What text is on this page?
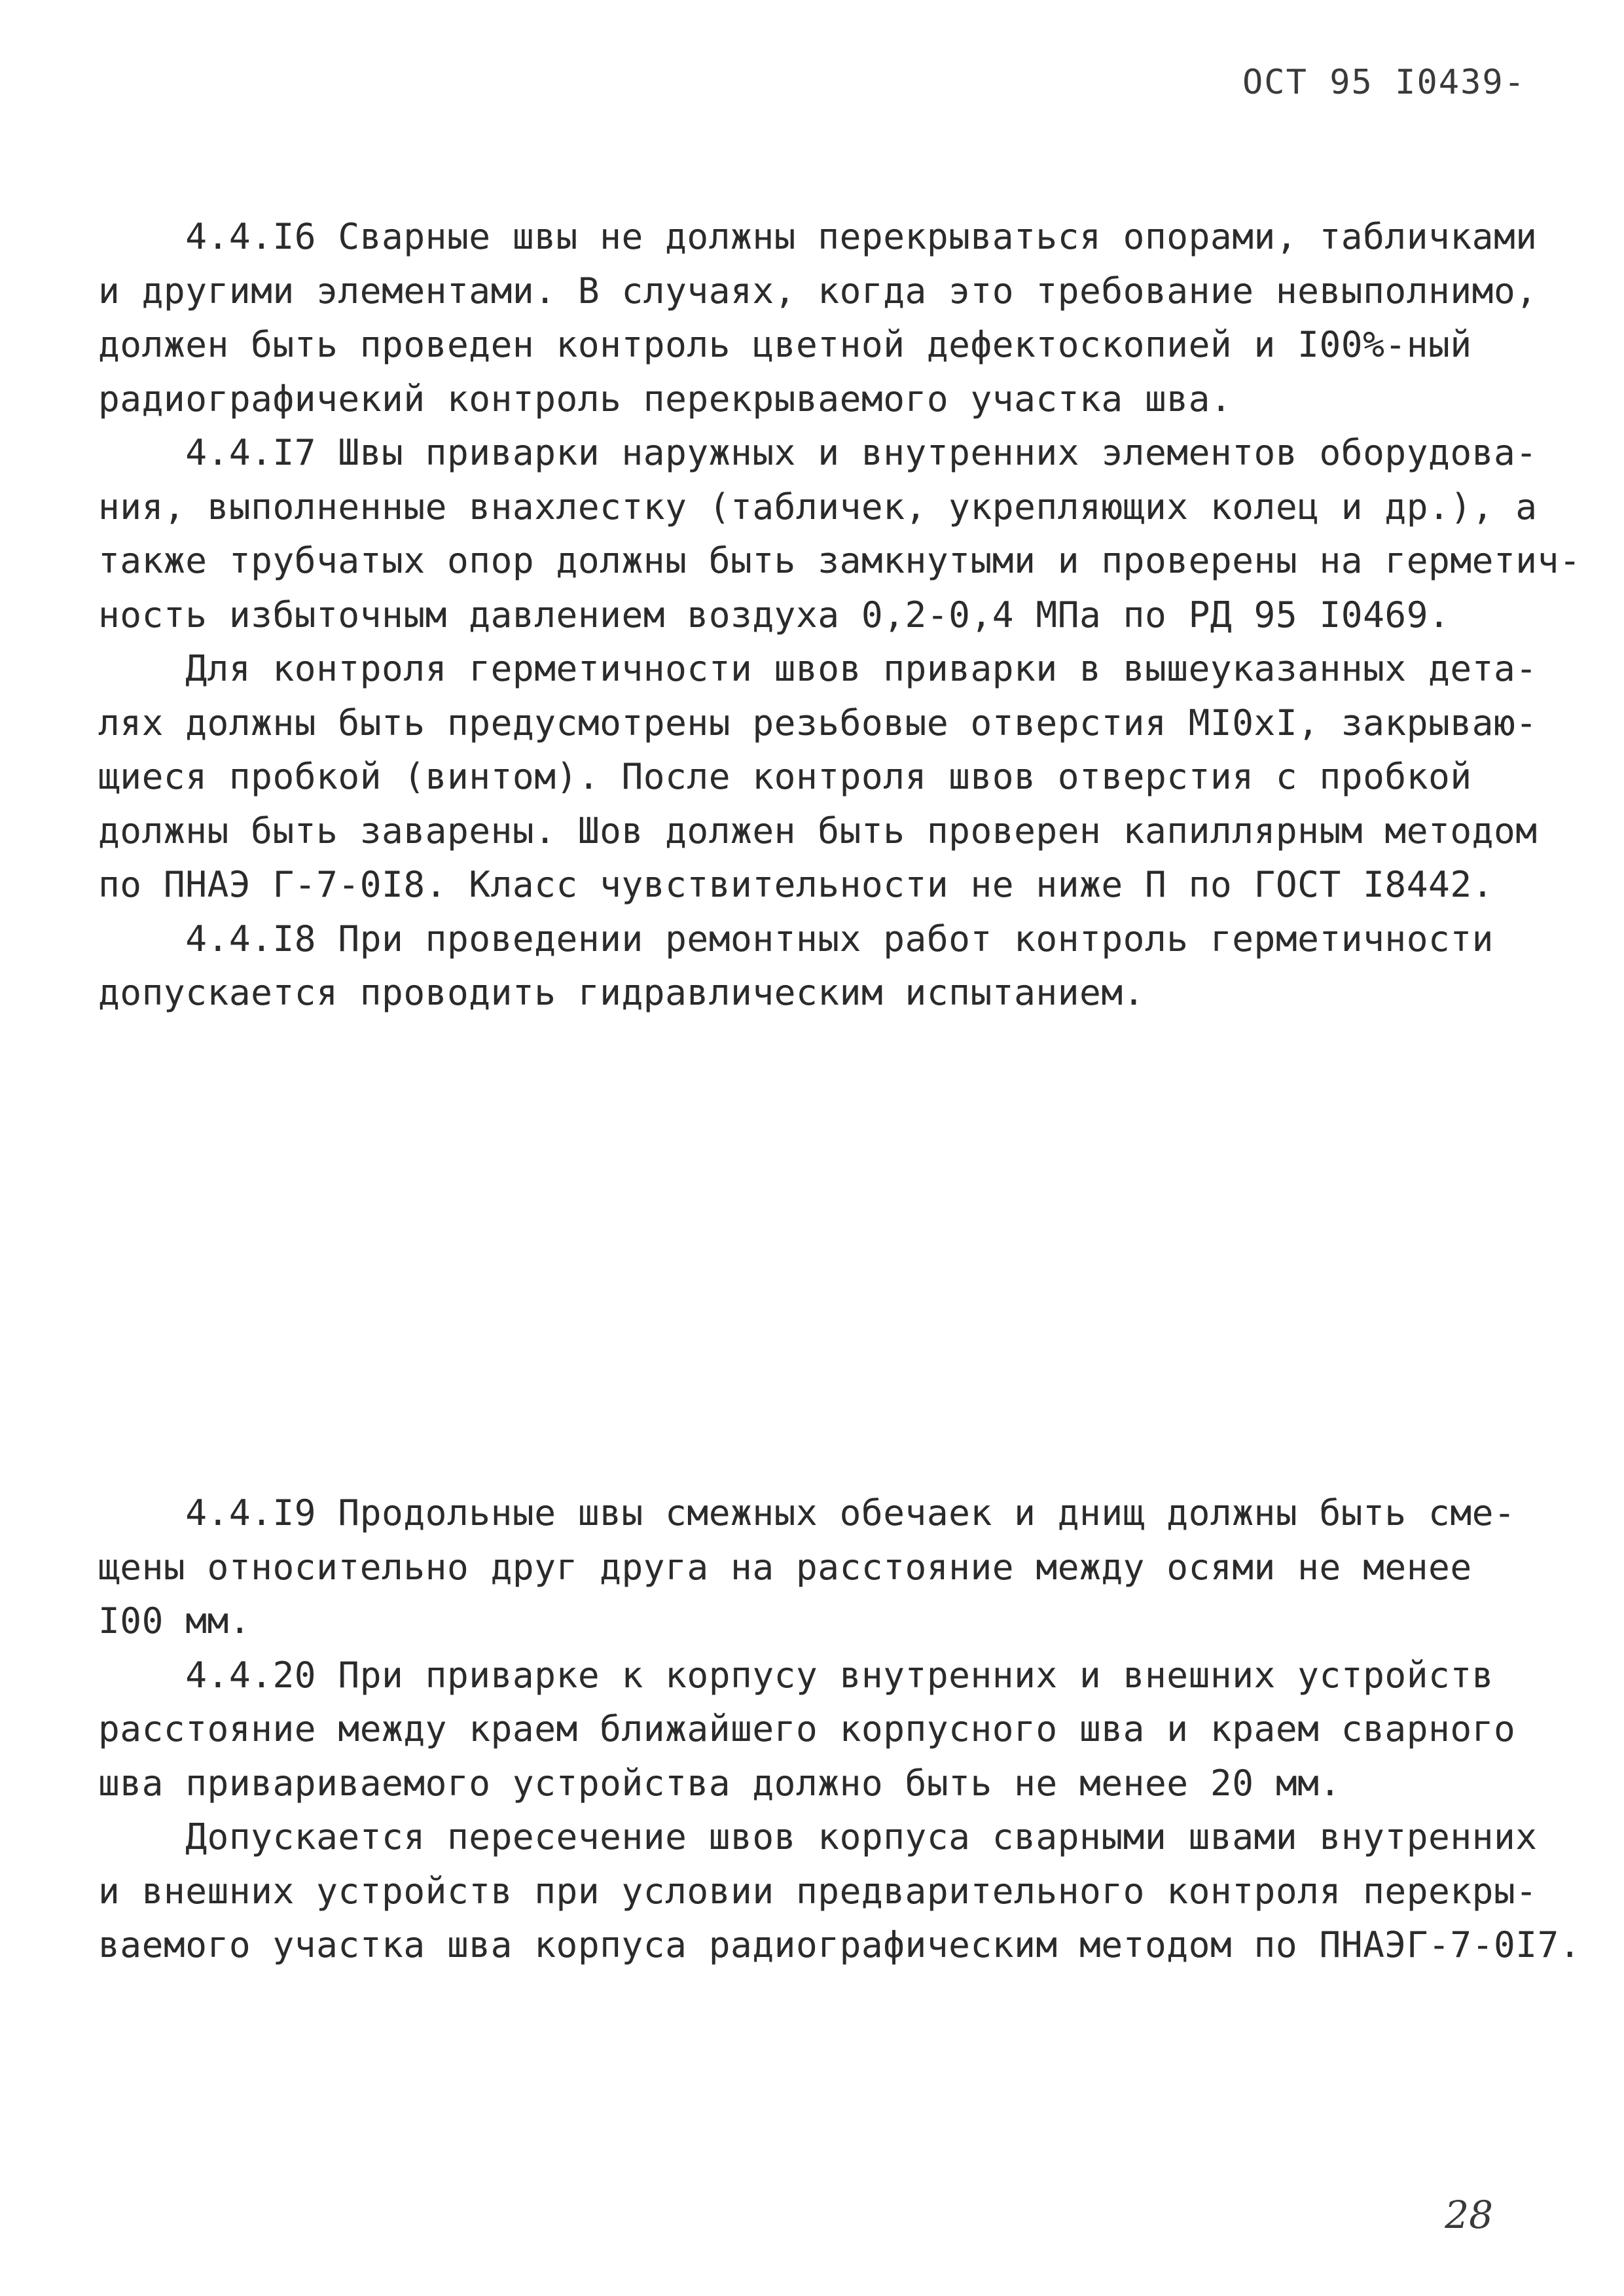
ОСТ 95 I0439-
4.4.I6 Сварные швы не должны перекрываться опорами, табличками
и другими элементами. В случаях, когда это требование невыполнимо,
должен быть проведен контроль цветной дефектоскопией и I00%-ный
радиографичекий контроль перекрываемого участка шва.
4.4.I7 Швы приварки наружных и внутренних элементов оборудова-
ния, выполненные внахлестку (табличек, укрепляющих колец и др.), а
также трубчатых опор должны быть замкнутыми и проверены на герметич-
ность избыточным давлением воздуха 0,2-0,4 МПа по РД 95 I0469.
Для контроля герметичности швов приварки в вышеуказанных дета-
лях должны быть предусмотрены резьбовые отверстия МI0хI, закрываю-
щиеся пробкой (винтом). После контроля швов отверстия с пробкой
должны быть заварены. Шов должен быть проверен капиллярным методом
по ПНАЭ Г-7-0I8. Класс чувствительности не ниже П по ГОСТ I8442.
4.4.I8 При проведении ремонтных работ контроль герметичности
допускается проводить гидравлическим испытанием.
4.4.I9 Продольные швы смежных обечаек и днищ должны быть сме-
щены относительно друг друга на расстояние между осями не менее
I00 мм.
4.4.20 При приварке к корпусу внутренних и внешних устройств
расстояние между краем ближайшего корпусного шва и краем сварного
шва привариваемого устройства должно быть не менее 20 мм.
Допускается пересечение швов корпуса сварными швами внутренних
и внешних устройств при условии предварительного контроля перекры-
ваемого участка шва корпуса радиографическим методом по ПНАЭГ-7-0I7.
28
